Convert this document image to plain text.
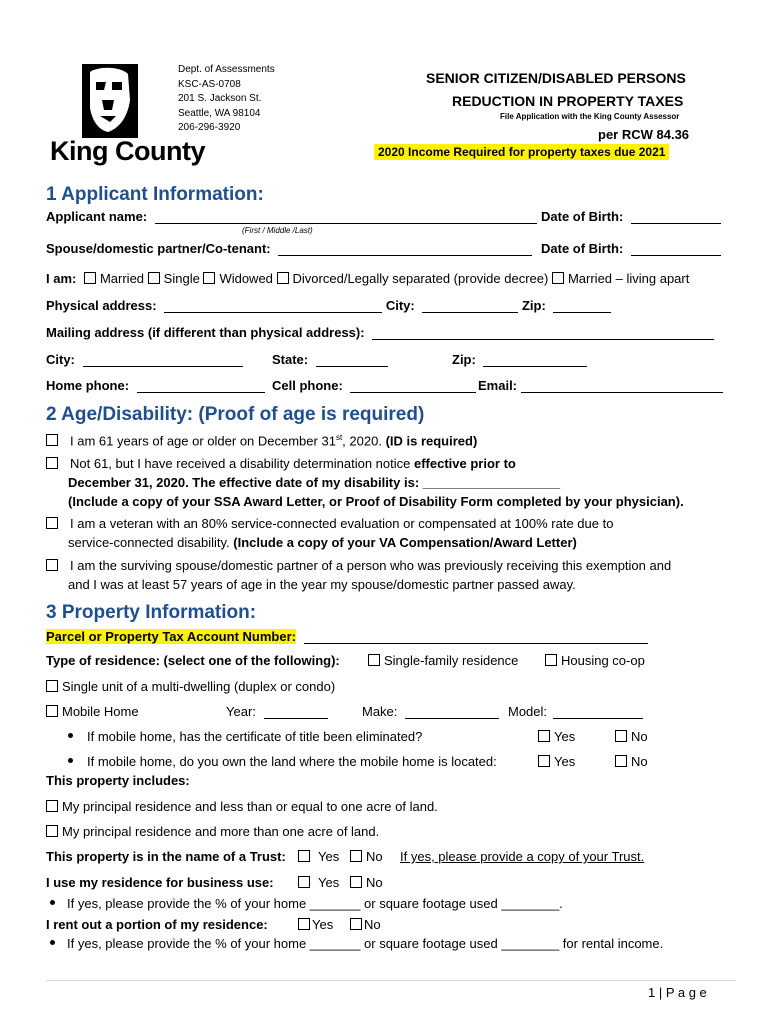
King County
Dept. of Assessments
KSC-AS-0708
201 S. Jackson St.
Seattle, WA 98104
206-296-3920
SENIOR CITIZEN/DISABLED PERSONS
REDUCTION IN PROPERTY TAXES
File Application with the King County Assessor
per RCW 84.36
2020 Income Required for property taxes due 2021
1 Applicant Information:
Applicant name:
(First / Middle /Last)
Date of Birth:
Spouse/domestic partner/Co-tenant:	Date of Birth:
I am: Married Single Widowed Divorced/Legally separated (provide decree) Married – living apart
Physical address:	City:	Zip:
Mailing address (if different than physical address):
City:	State:	Zip:
Home phone:	Cell phone:	Email:
2 Age/Disability: (Proof of age is required)
I am 61 years of age or older on December 31st, 2020. (ID is required)
Not 61, but I have received a disability determination notice effective prior to
December 31, 2020. The effective date of my disability is: ___________________
(Include a copy of your SSA Award Letter, or Proof of Disability Form completed by your physician).
I am a veteran with an 80% service-connected evaluation or compensated at 100% rate due to
service-connected disability. (Include a copy of your VA Compensation/Award Letter)
I am the surviving spouse/domestic partner of a person who was previously receiving this exemption and
and I was at least 57 years of age in the year my spouse/domestic partner passed away.
3 Property Information:
Parcel or Property Tax Account Number:
Type of residence: (select one of the following):	Single-family residence	Housing co-op
Single unit of a multi-dwelling (duplex or condo)
Mobile Home	Year:	Make:	Model:
If mobile home, has the certificate of title been eliminated?	Yes	No
If mobile home, do you own the land where the mobile home is located:	Yes	No
This property includes:
My principal residence and less than or equal to one acre of land.
My principal residence and more than one acre of land.
This property is in the name of a Trust:	Yes	No If yes, please provide a copy of your Trust.
I use my residence for business use:	Yes	No
If yes, please provide the % of your home _______ or square footage used ________.
I rent out a portion of my residence:	Yes	No
If yes, please provide the % of your home _______ or square footage used ________ for rental income.
1 | P a g e
